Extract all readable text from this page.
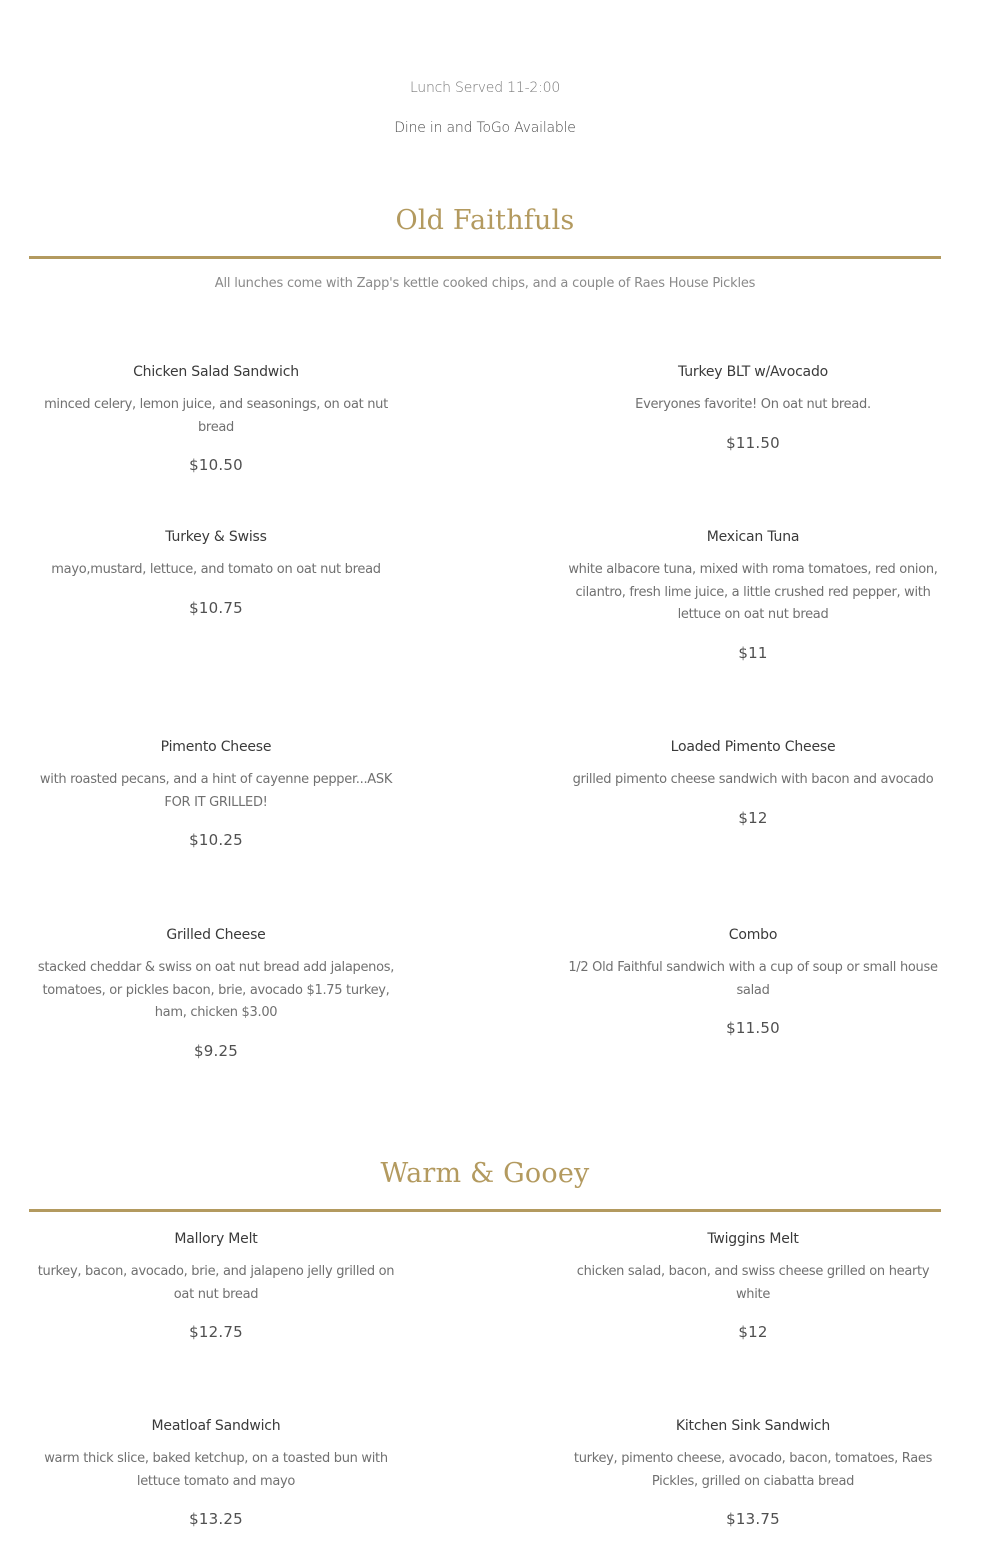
Lunch Served 11-2:00
Dine in and ToGo Available
Old Faithfuls
All lunches come with Zapp's kettle cooked chips, and a couple of Raes House Pickles

Chicken Salad Sandwich

minced celery, lemon juice, and seasonings, on oat nut bread

$10.50

Turkey BLT w/Avocado

Everyones favorite! On oat nut bread.

$11.50

Turkey & Swiss

mayo,mustard, lettuce, and tomato on oat nut bread

$10.75

Mexican Tuna

white albacore tuna, mixed with roma tomatoes, red onion, cilantro, fresh lime juice, a little crushed red pepper, with lettuce on oat nut bread

$11

Pimento Cheese

with roasted pecans, and a hint of cayenne pepper...ASK FOR IT GRILLED!

$10.25

Loaded Pimento Cheese

grilled pimento cheese sandwich with bacon and avocado

$12

Grilled Cheese

stacked cheddar & swiss on oat nut bread add jalapenos, tomatoes, or pickles bacon, brie, avocado $1.75 turkey, ham, chicken $3.00

$9.25

Combo

1/2 Old Faithful sandwich with a cup of soup or small house salad

$11.50

Warm & Gooey

Mallory Melt

turkey, bacon, avocado, brie, and jalapeno jelly grilled on oat nut bread

$12.75

Twiggins Melt

chicken salad, bacon, and swiss cheese grilled on hearty white

$12

Meatloaf Sandwich

warm thick slice, baked ketchup, on a toasted bun with lettuce tomato and mayo

$13.25

Kitchen Sink Sandwich

turkey, pimento cheese, avocado, bacon, tomatoes, Raes Pickles, grilled on ciabatta bread

$13.75
